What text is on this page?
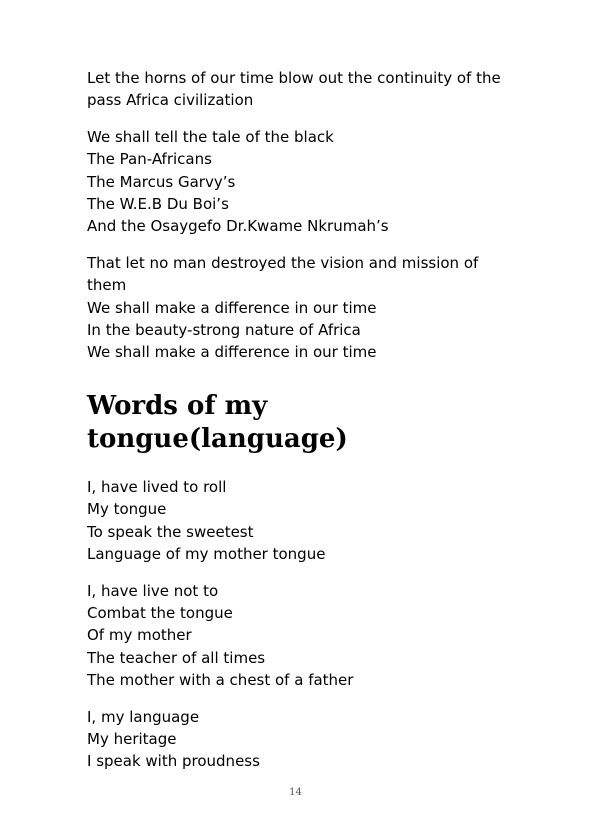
Let the horns of our time blow out the continuity of the pass Africa civilization
We shall tell the tale of the black
The Pan-Africans
The Marcus Garvy’s
The W.E.B Du Boi’s
And the Osaygefo Dr.Kwame Nkrumah’s
That let no man destroyed the vision and mission of them
We shall make a difference in our time
In the beauty-strong nature of Africa
We shall make a difference in our time
Words of my
tongue(language)
I, have lived to roll
My tongue
To speak the sweetest
Language of my mother tongue
I, have live not to
Combat the tongue
Of my mother
The teacher of all times
The mother with a chest of a father
I, my language
My heritage
I speak with proudness
14
